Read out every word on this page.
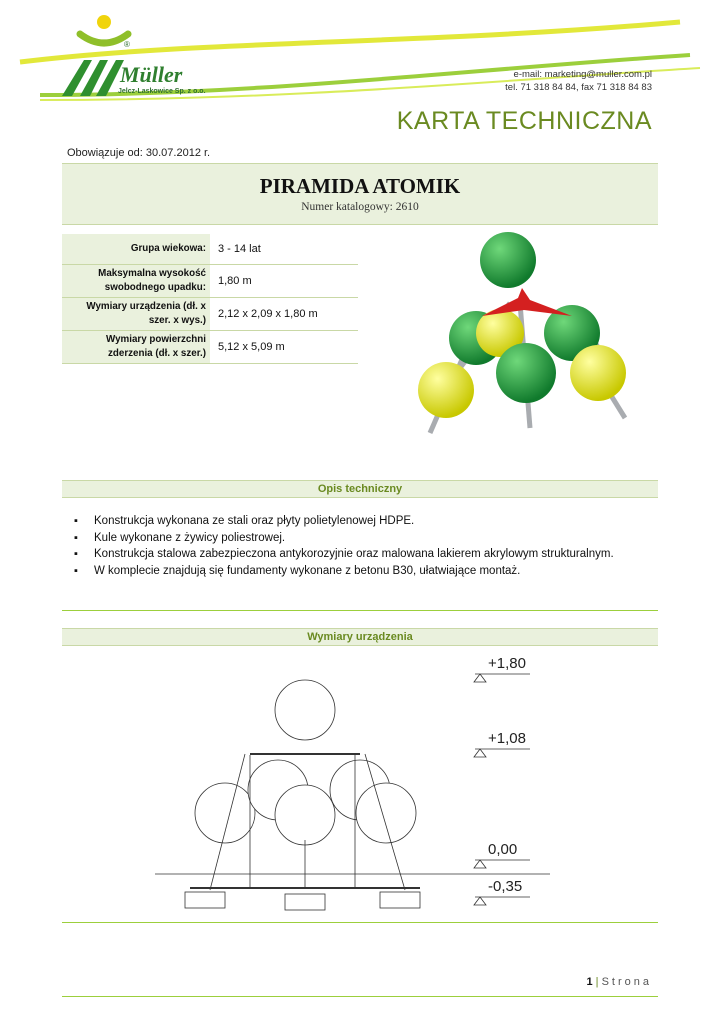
®
Müller
Jelcz-Laskowice Sp. z o.o.
e-mail: marketing@muller.com.pl
tel. 71 318 84 84, fax 71 318 84 83
KARTA TECHNICZNA
Obowiązuje od: 30.07.2012 r.
PIRAMIDA ATOMIK
Numer katalogowy: 2610
Grupa wiekowa:	3 - 14 lat
Maksymalna wysokość swobodnego upadku:	1,80 m
Wymiary urządzenia (dł. x szer. x wys.)	2,12 x 2,09 x 1,80 m
Wymiary powierzchni zderzenia (dł. x szer.)	5,12 x 5,09 m
Opis techniczny
▪ Konstrukcja wykonana ze stali oraz płyty polietylenowej HDPE.
▪ Kule wykonane z żywicy poliestrowej.
▪ Konstrukcja stalowa zabezpieczona antykorozyjnie oraz malowana lakierem akrylowym strukturalnym.
▪ W komplecie znajdują się fundamenty wykonane z betonu B30, ułatwiające montaż.
Wymiary urządzenia
+1,80
+1,08
0,00
-0,35
1 | Strona
